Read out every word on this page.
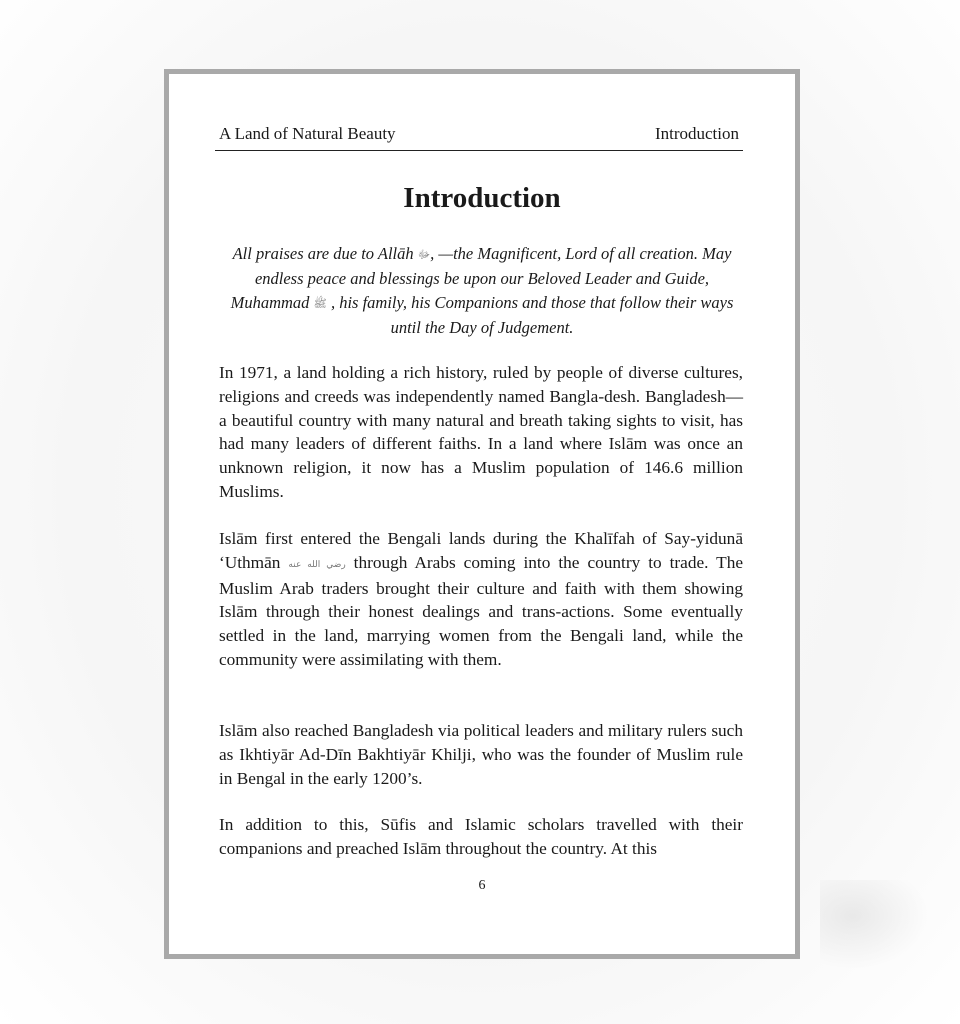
A Land of Natural Beauty	Introduction
Introduction

All praises are due to Allāh ﷻ, —the Magnificent, Lord of all creation. May endless peace and blessings be upon our Beloved Leader and Guide, Muhammad ﷺ , his family, his Companions and those that follow their ways until the Day of Judgement.

In 1971, a land holding a rich history, ruled by people of diverse cultures, religions and creeds was independently named Bangla-desh. Bangladesh— a beautiful country with many natural and breath taking sights to visit, has had many leaders of different faiths. In a land where Islām was once an unknown religion, it now has a Muslim population of 146.6 million Muslims.

Islām first entered the Bengali lands during the Khalīfah of Say-yidunā ‘Uthmān رضي الله عنه through Arabs coming into the country to trade. The Muslim Arab traders brought their culture and faith with them showing Islām through their honest dealings and trans-actions. Some eventually settled in the land, marrying women from the Bengali land, while the community were assimilating with them.

Islām also reached Bangladesh via political leaders and military rulers such as Ikhtiyār Ad-Dīn Bakhtiyār Khilji, who was the founder of Muslim rule in Bengal in the early 1200’s.

In addition to this, Sūfis and Islamic scholars travelled with their companions and preached Islām throughout the country. At this

6
